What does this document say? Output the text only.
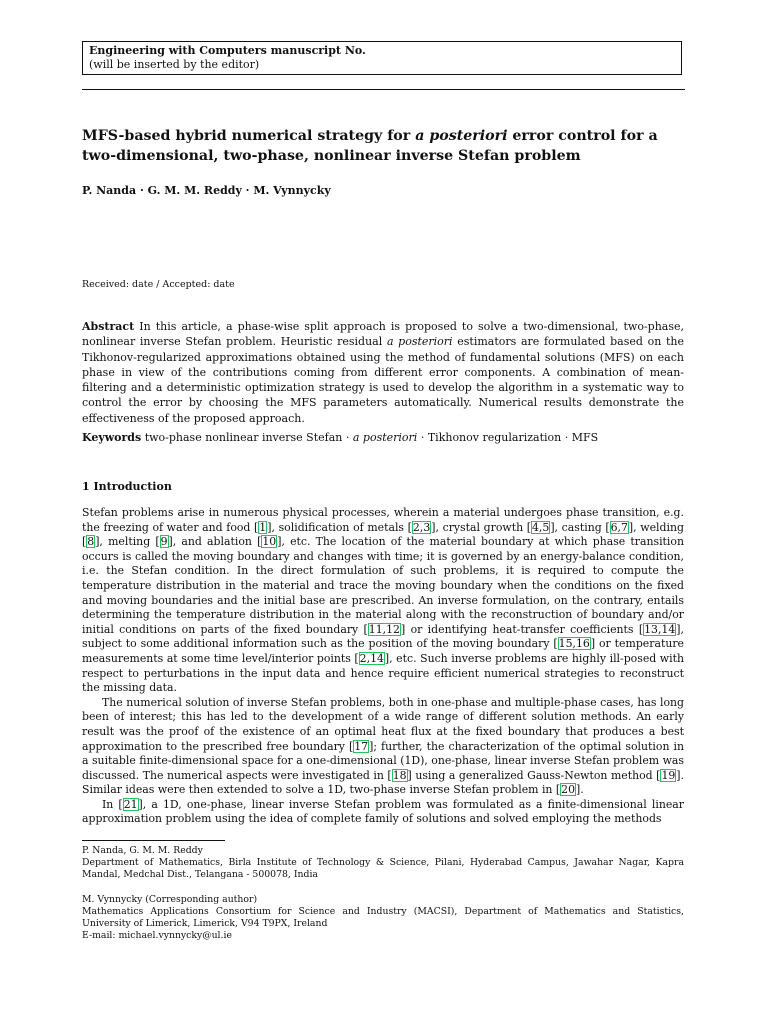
Engineering with Computers manuscript No.
(will be inserted by the editor)
MFS-based hybrid numerical strategy for a posteriori error control for a two-dimensional, two-phase, nonlinear inverse Stefan problem
P. Nanda · G. M. M. Reddy · M. Vynnycky
Received: date / Accepted: date
Abstract In this article, a phase-wise split approach is proposed to solve a two-dimensional, two-phase, nonlinear inverse Stefan problem. Heuristic residual a posteriori estimators are formulated based on the Tikhonov-regularized approximations obtained using the method of fundamental solutions (MFS) on each phase in view of the contributions coming from different error components. A combination of mean-filtering and a deterministic optimization strategy is used to develop the algorithm in a systematic way to control the error by choosing the MFS parameters automatically. Numerical results demonstrate the effectiveness of the proposed approach.
Keywords two-phase nonlinear inverse Stefan · a posteriori · Tikhonov regularization · MFS
1 Introduction

Stefan problems arise in numerous physical processes, wherein a material undergoes phase transition, e.g. the freezing of water and food [1], solidification of metals [2,3], crystal growth [4,5], casting [6,7], welding [8], melting [9], and ablation [10], etc. The location of the material boundary at which phase transition occurs is called the moving boundary and changes with time; it is governed by an energy-balance condition, i.e. the Stefan condition. In the direct formulation of such problems, it is required to compute the temperature distribution in the material and trace the moving boundary when the conditions on the fixed and moving boundaries and the initial base are prescribed. An inverse formulation, on the contrary, entails determining the temperature distribution in the material along with the reconstruction of boundary and/or initial conditions on parts of the fixed boundary [11,12] or identifying heat-transfer coefficients [13,14], subject to some additional information such as the position of the moving boundary [15,16] or temperature measurements at some time level/interior points [2,14], etc. Such inverse problems are highly ill-posed with respect to perturbations in the input data and hence require efficient numerical strategies to reconstruct the missing data.

The numerical solution of inverse Stefan problems, both in one-phase and multiple-phase cases, has long been of interest; this has led to the development of a wide range of different solution methods. An early result was the proof of the existence of an optimal heat flux at the fixed boundary that produces a best approximation to the prescribed free boundary [17]; further, the characterization of the optimal solution in a suitable finite-dimensional space for a one-dimensional (1D), one-phase, linear inverse Stefan problem was discussed. The numerical aspects were investigated in [18] using a generalized Gauss-Newton method [19]. Similar ideas were then extended to solve a 1D, two-phase inverse Stefan problem in [20].

In [21], a 1D, one-phase, linear inverse Stefan problem was formulated as a finite-dimensional linear approximation problem using the idea of complete family of solutions and solved employing the methods

P. Nanda, G. M. M. Reddy

Department of Mathematics, Birla Institute of Technology & Science, Pilani, Hyderabad Campus, Jawahar Nagar, Kapra Mandal, Medchal Dist., Telangana - 500078, India

M. Vynnycky (Corresponding author)

Mathematics Applications Consortium for Science and Industry (MACSI), Department of Mathematics and Statistics, University of Limerick, Limerick, V94 T9PX, Ireland

E-mail: michael.vynnycky@ul.ie
